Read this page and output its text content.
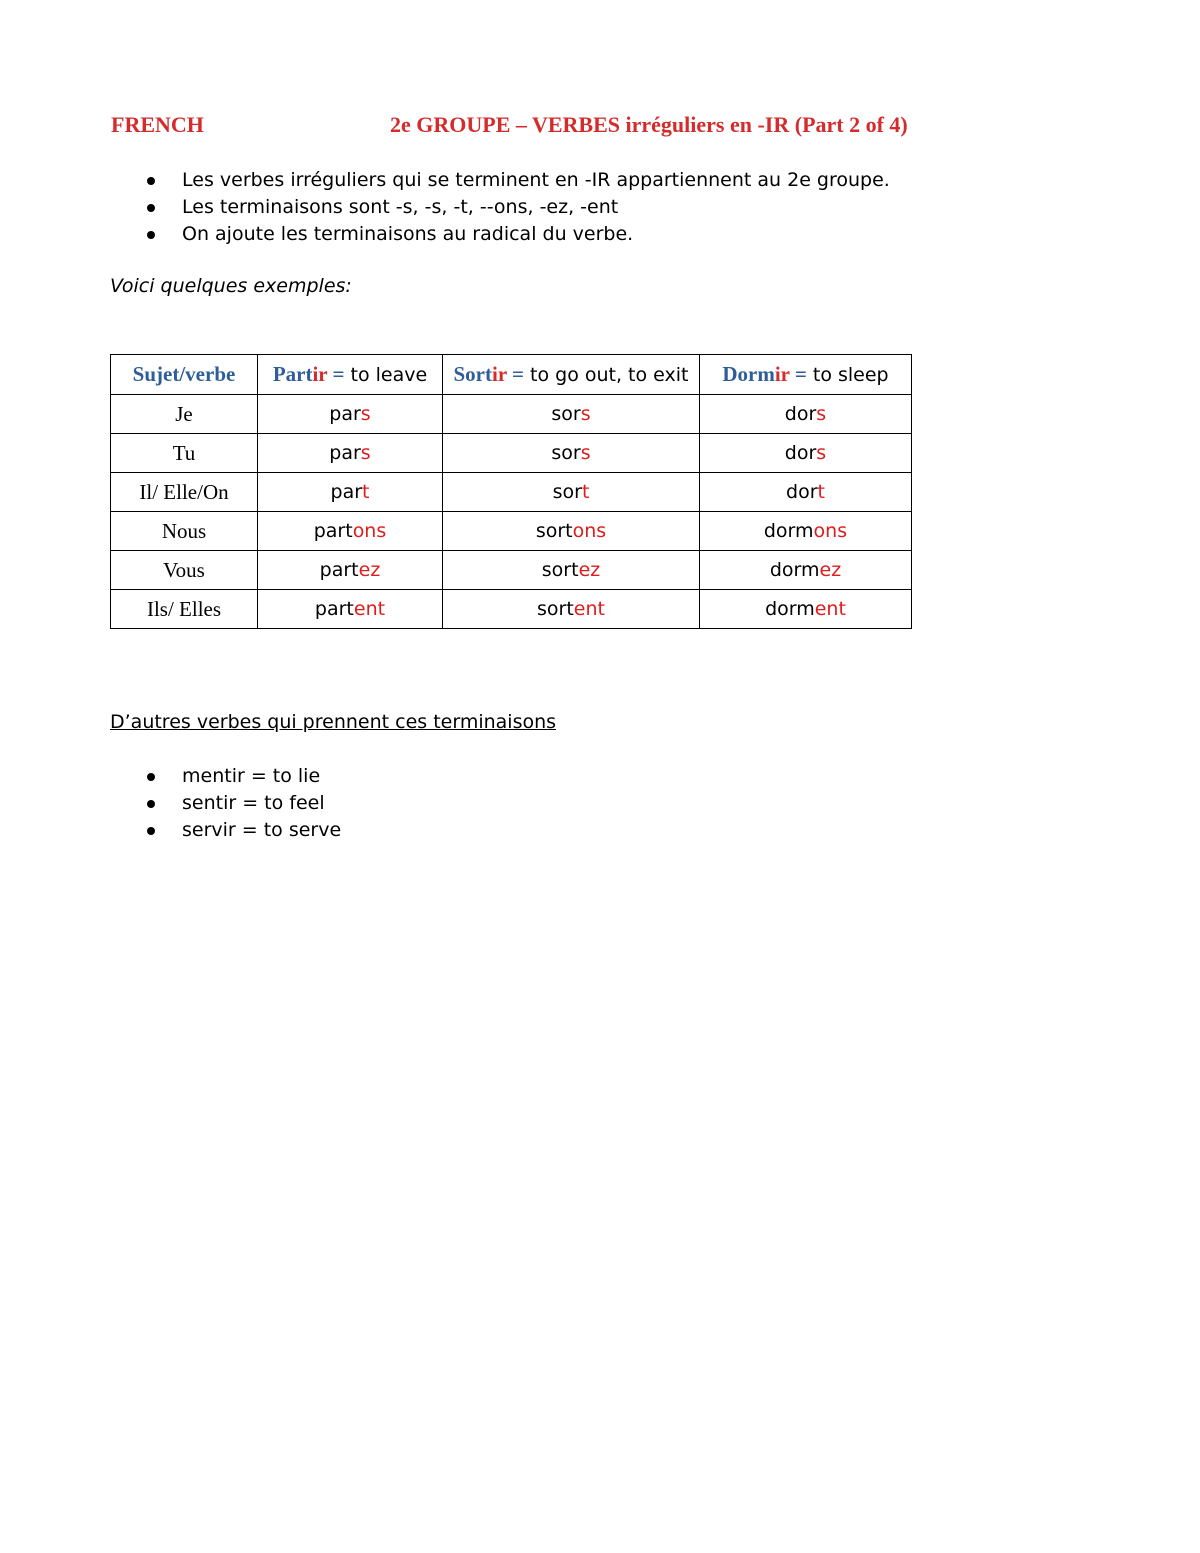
FRENCH	2e GROUPE – VERBES irréguliers en -IR (Part 2 of 4)
Les verbes irréguliers qui se terminent en -IR appartiennent au 2e groupe.
Les terminaisons sont -s, -s, -t, --ons, -ez, -ent
On ajoute les terminaisons au radical du verbe.
Voici quelques exemples:
Sujet/verbe	Partir = to leave	Sortir = to go out, to exit	Dormir = to sleep
Je	pars	sors	dors
Tu	pars	sors	dors
Il/ Elle/On	part	sort	dort
Nous	partons	sortons	dormons
Vous	partez	sortez	dormez
Ils/ Elles	partent	sortent	dorment
D’autres verbes qui prennent ces terminaisons
mentir = to lie
sentir = to feel
servir = to serve
